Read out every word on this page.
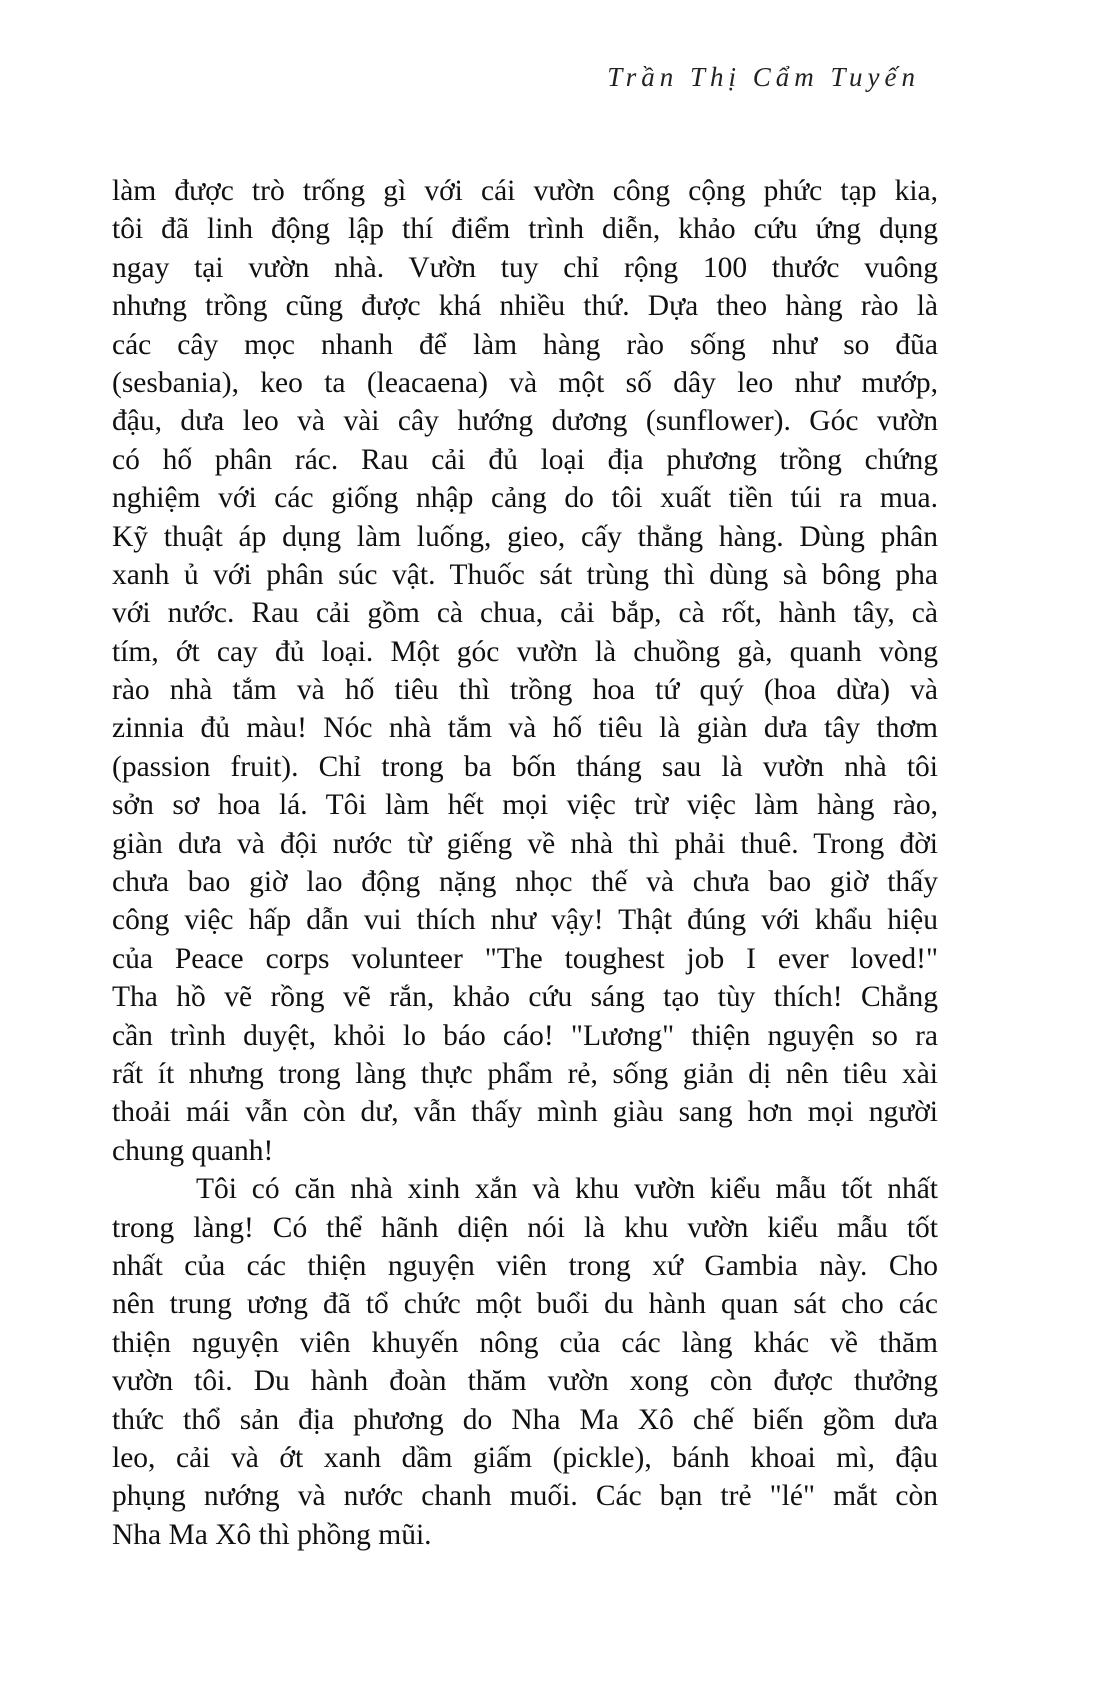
Trần Thị Cẩm Tuyến
làm được trò trống gì với cái vườn công cộng phức tạp kia,
tôi đã linh động lập thí điểm trình diễn, khảo cứu ứng dụng
ngay tại vườn nhà. Vườn tuy chỉ rộng 100 thước vuông
nhưng trồng cũng được khá nhiều thứ. Dựa theo hàng rào là
các cây mọc nhanh để làm hàng rào sống như so đũa
(sesbania), keo ta (leacaena) và một số dây leo như mướp,
đậu, dưa leo và vài cây hướng dương (sunflower). Góc vườn
có hố phân rác. Rau cải đủ loại địa phương trồng chứng
nghiệm với các giống nhập cảng do tôi xuất tiền túi ra mua.
Kỹ thuật áp dụng làm luống, gieo, cấy thẳng hàng. Dùng phân
xanh ủ với phân súc vật. Thuốc sát trùng thì dùng sà bông pha
với nước. Rau cải gồm cà chua, cải bắp, cà rốt, hành tây, cà
tím, ớt cay đủ loại. Một góc vườn là chuồng gà, quanh vòng
rào nhà tắm và hố tiêu thì trồng hoa tứ quý (hoa dừa) và
zinnia đủ màu! Nóc nhà tắm và hố tiêu là giàn dưa tây thơm
(passion fruit). Chỉ trong ba bốn tháng sau là vườn nhà tôi
sởn sơ hoa lá. Tôi làm hết mọi việc trừ việc làm hàng rào,
giàn dưa và đội nước từ giếng về nhà thì phải thuê. Trong đời
chưa bao giờ lao động nặng nhọc thế và chưa bao giờ thấy
công việc hấp dẫn vui thích như vậy! Thật đúng với khẩu hiệu
của Peace corps volunteer "The toughest job I ever loved!"
Tha hồ vẽ rồng vẽ rắn, khảo cứu sáng tạo tùy thích! Chẳng
cần trình duyệt, khỏi lo báo cáo! "Lương" thiện nguyện so ra
rất ít nhưng trong làng thực phẩm rẻ, sống giản dị nên tiêu xài
thoải mái vẫn còn dư, vẫn thấy mình giàu sang hơn mọi người
chung quanh!
Tôi có căn nhà xinh xắn và khu vườn kiểu mẫu tốt nhất
trong làng! Có thể hãnh diện nói là khu vườn kiểu mẫu tốt
nhất của các thiện nguyện viên trong xứ Gambia này. Cho
nên trung ương đã tổ chức một buổi du hành quan sát cho các
thiện nguyện viên khuyến nông của các làng khác về thăm
vườn tôi. Du hành đoàn thăm vườn xong còn được thưởng
thức thổ sản địa phương do Nha Ma Xô chế biến gồm dưa
leo, cải và ớt xanh dầm giấm (pickle), bánh khoai mì, đậu
phụng nướng và nước chanh muối. Các bạn trẻ "lé" mắt còn
Nha Ma Xô thì phồng mũi.
